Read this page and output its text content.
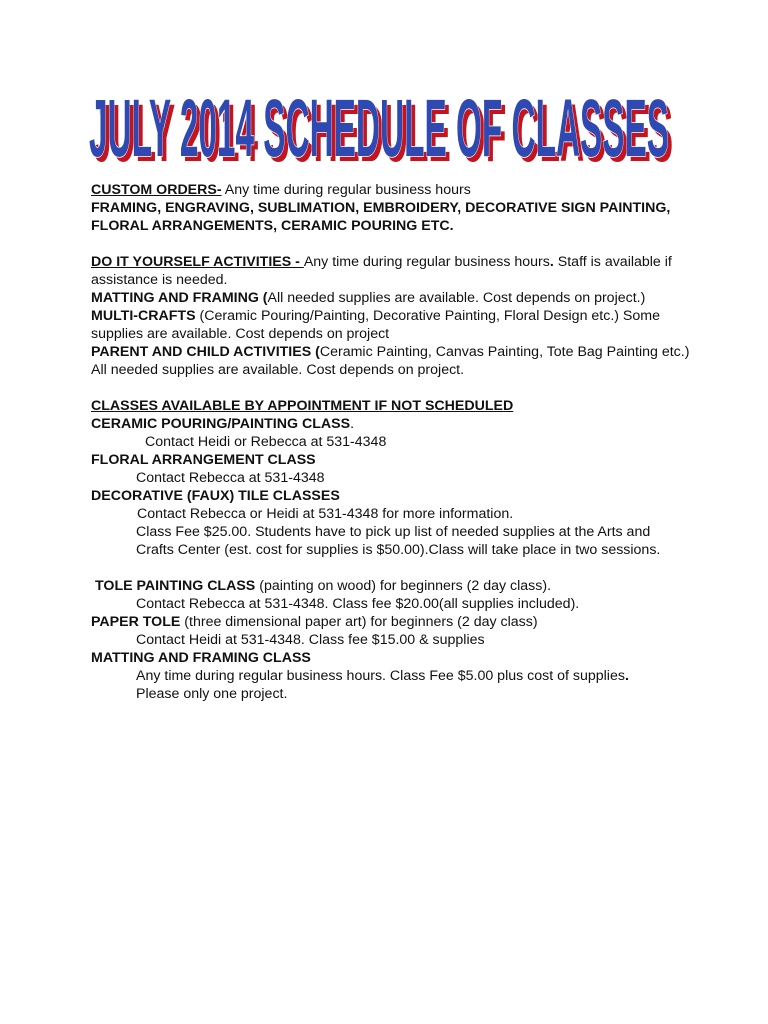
JULY 2014 SCHEDULE OF CLASSES
JULY 2014 SCHEDULE OF CLASSES

CUSTOM ORDERS- Any time during regular business hours

FRAMING, ENGRAVING, SUBLIMATION, EMBROIDERY, DECORATIVE SIGN PAINTING, FLORAL ARRANGEMENTS, CERAMIC POURING ETC.

DO IT YOURSELF ACTIVITIES - Any time during regular business hours. Staff is available if assistance is needed.

MATTING AND FRAMING (All needed supplies are available. Cost depends on project.)

MULTI-CRAFTS (Ceramic Pouring/Painting, Decorative Painting, Floral Design etc.) Some supplies are available. Cost depends on project

PARENT AND CHILD ACTIVITIES (Ceramic Painting, Canvas Painting, Tote Bag Painting etc.) All needed supplies are available. Cost depends on project.

CLASSES AVAILABLE BY APPOINTMENT IF NOT SCHEDULED

CERAMIC POURING/PAINTING CLASS.

Contact Heidi or Rebecca at 531-4348

FLORAL ARRANGEMENT CLASS

Contact Rebecca at 531-4348

DECORATIVE (FAUX) TILE CLASSES

Contact Rebecca or Heidi at 531-4348 for more information.

Class Fee $25.00. Students have to pick up list of needed supplies at the Arts and Crafts Center (est. cost for supplies is $50.00).Class will take place in two sessions.

TOLE PAINTING CLASS (painting on wood) for beginners (2 day class).

Contact Rebecca at 531-4348. Class fee $20.00(all supplies included).

PAPER TOLE (three dimensional paper art) for beginners (2 day class)

Contact Heidi at 531-4348. Class fee $15.00 & supplies

MATTING AND FRAMING CLASS

Any time during regular business hours. Class Fee $5.00 plus cost of supplies.

Please only one project.
